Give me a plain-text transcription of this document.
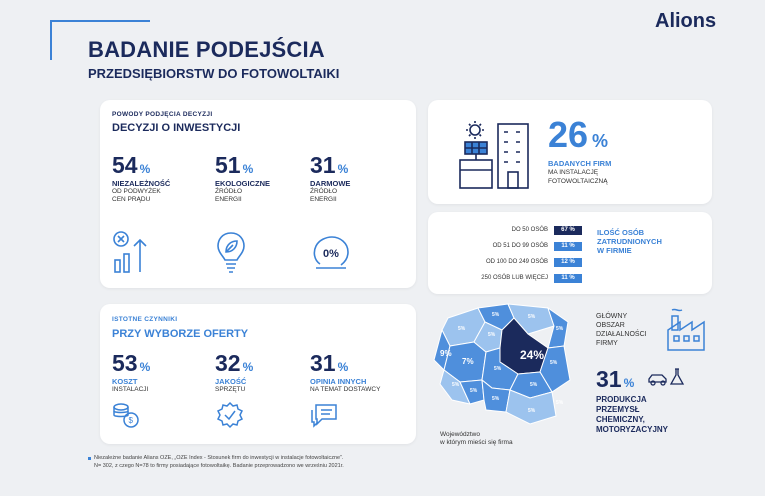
Alions
BADANIE PODEJŚCIA
PRZEDSIĘBIORSTW DO FOTOWOLTAIKI
POWODY PODJĘCIA DECYZJI
DECYZJI O INWESTYCJI
54 %
NIEZALEŻNOŚĆ
OD PODWYŻEK
CEN PRĄDU
51 %
EKOLOGICZNE
ŹRÓDŁO
ENERGII
31 %
DARMOWE
ŹRÓDŁO
ENERGII
0%
ISTOTNE CZYNNIKI
PRZY WYBORZE OFERTY
53 %
KOSZT
INSTALACJI
$
32 %
JAKOŚĆ
SPRZĘTU
31 %
OPINIA INNYCH
NA TEMAT DOSTAWCY
26 %
BADANYCH FIRM
MA INSTALACJĘ
FOTOWOLTAICZNĄ
DO 50 OSÓB	67 %
OD 51 DO 99 OSÓB	11 %
OD 100 DO 249 OSÓB	12 %
250 OSÓB LUB WIĘCEJ	11 %
ILOŚĆ OSÓB
ZATRUDNIONYCH
W FIRMIE
24%
5%
5%	5%
5%
9%
7%
5%
5%
5%
5%
5%
5%
5%
5%
5%
Województwo
w którym mieści się firma
GŁÓWNY
OBSZAR
DZIAŁALNOŚCI
FIRMY
31 %
PRODUKCJA
PRZEMYSŁ
CHEMICZNY,
MOTORYZACYJNY
Niezależne badanie Alians OZE, „OZE Index - Stosunek firm do inwestycji w instalacje fotowoltaiczne”.
N= 302, z czego N=78 to firmy posiadające fotowoltaikę. Badanie przeprowadzono we wrześniu 2021r.
